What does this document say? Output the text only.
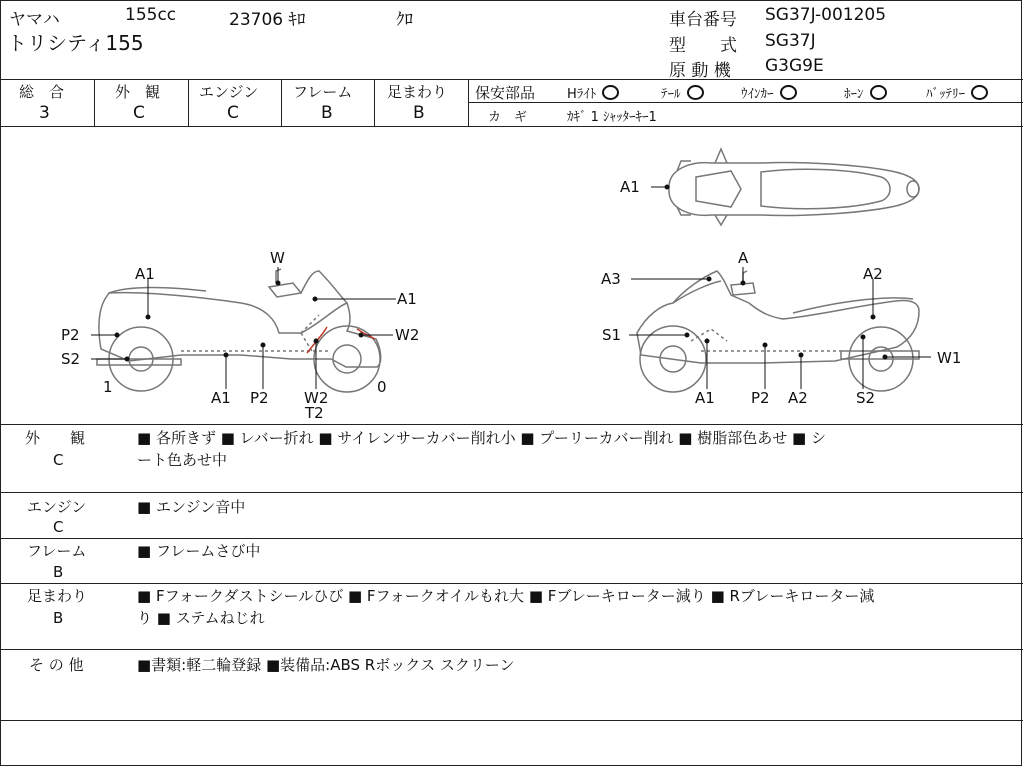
ヤマハ	155cc	23706 ｷﾛ	ｸﾛ
トリシティ155
車台番号 SG37J-001205
型　　式 SG37J
原 動 機 G3G9E
総　合
3
外　観
C
エンジン
C
フレーム
B
足まわり
B
保安部品 Hﾗｲﾄ	ﾃｰﾙ	ｳｲﾝｶｰ	ﾎｰﾝ	ﾊﾞｯﾃﾘｰ
カ　ギ	ｶｷﾞ 1 ｼｬｯﾀｰｷｰ1
A1
W
A1
A1
P2	W2
S2
1	0
A1 P2 W2
T2
A
A3	A2
S1
W1
A1 P2 A2	S2
外　　観
C
■ 各所きず ■ レバー折れ ■ サイレンサーカバー削れ小 ■ プーリーカバー削れ ■ 樹脂部色あせ ■ シ
ート色あせ中
エンジン
C
■ エンジン音中
フレーム
B
■ フレームさび中
足まわり
B
■ Fフォークダストシールひび ■ Fフォークオイルもれ大 ■ Fブレーキローター減り ■ Rブレーキローター減
り ■ ステムねじれ
そ の 他	■書類:軽二輪登録 ■装備品:ABS Rボックス スクリーン
